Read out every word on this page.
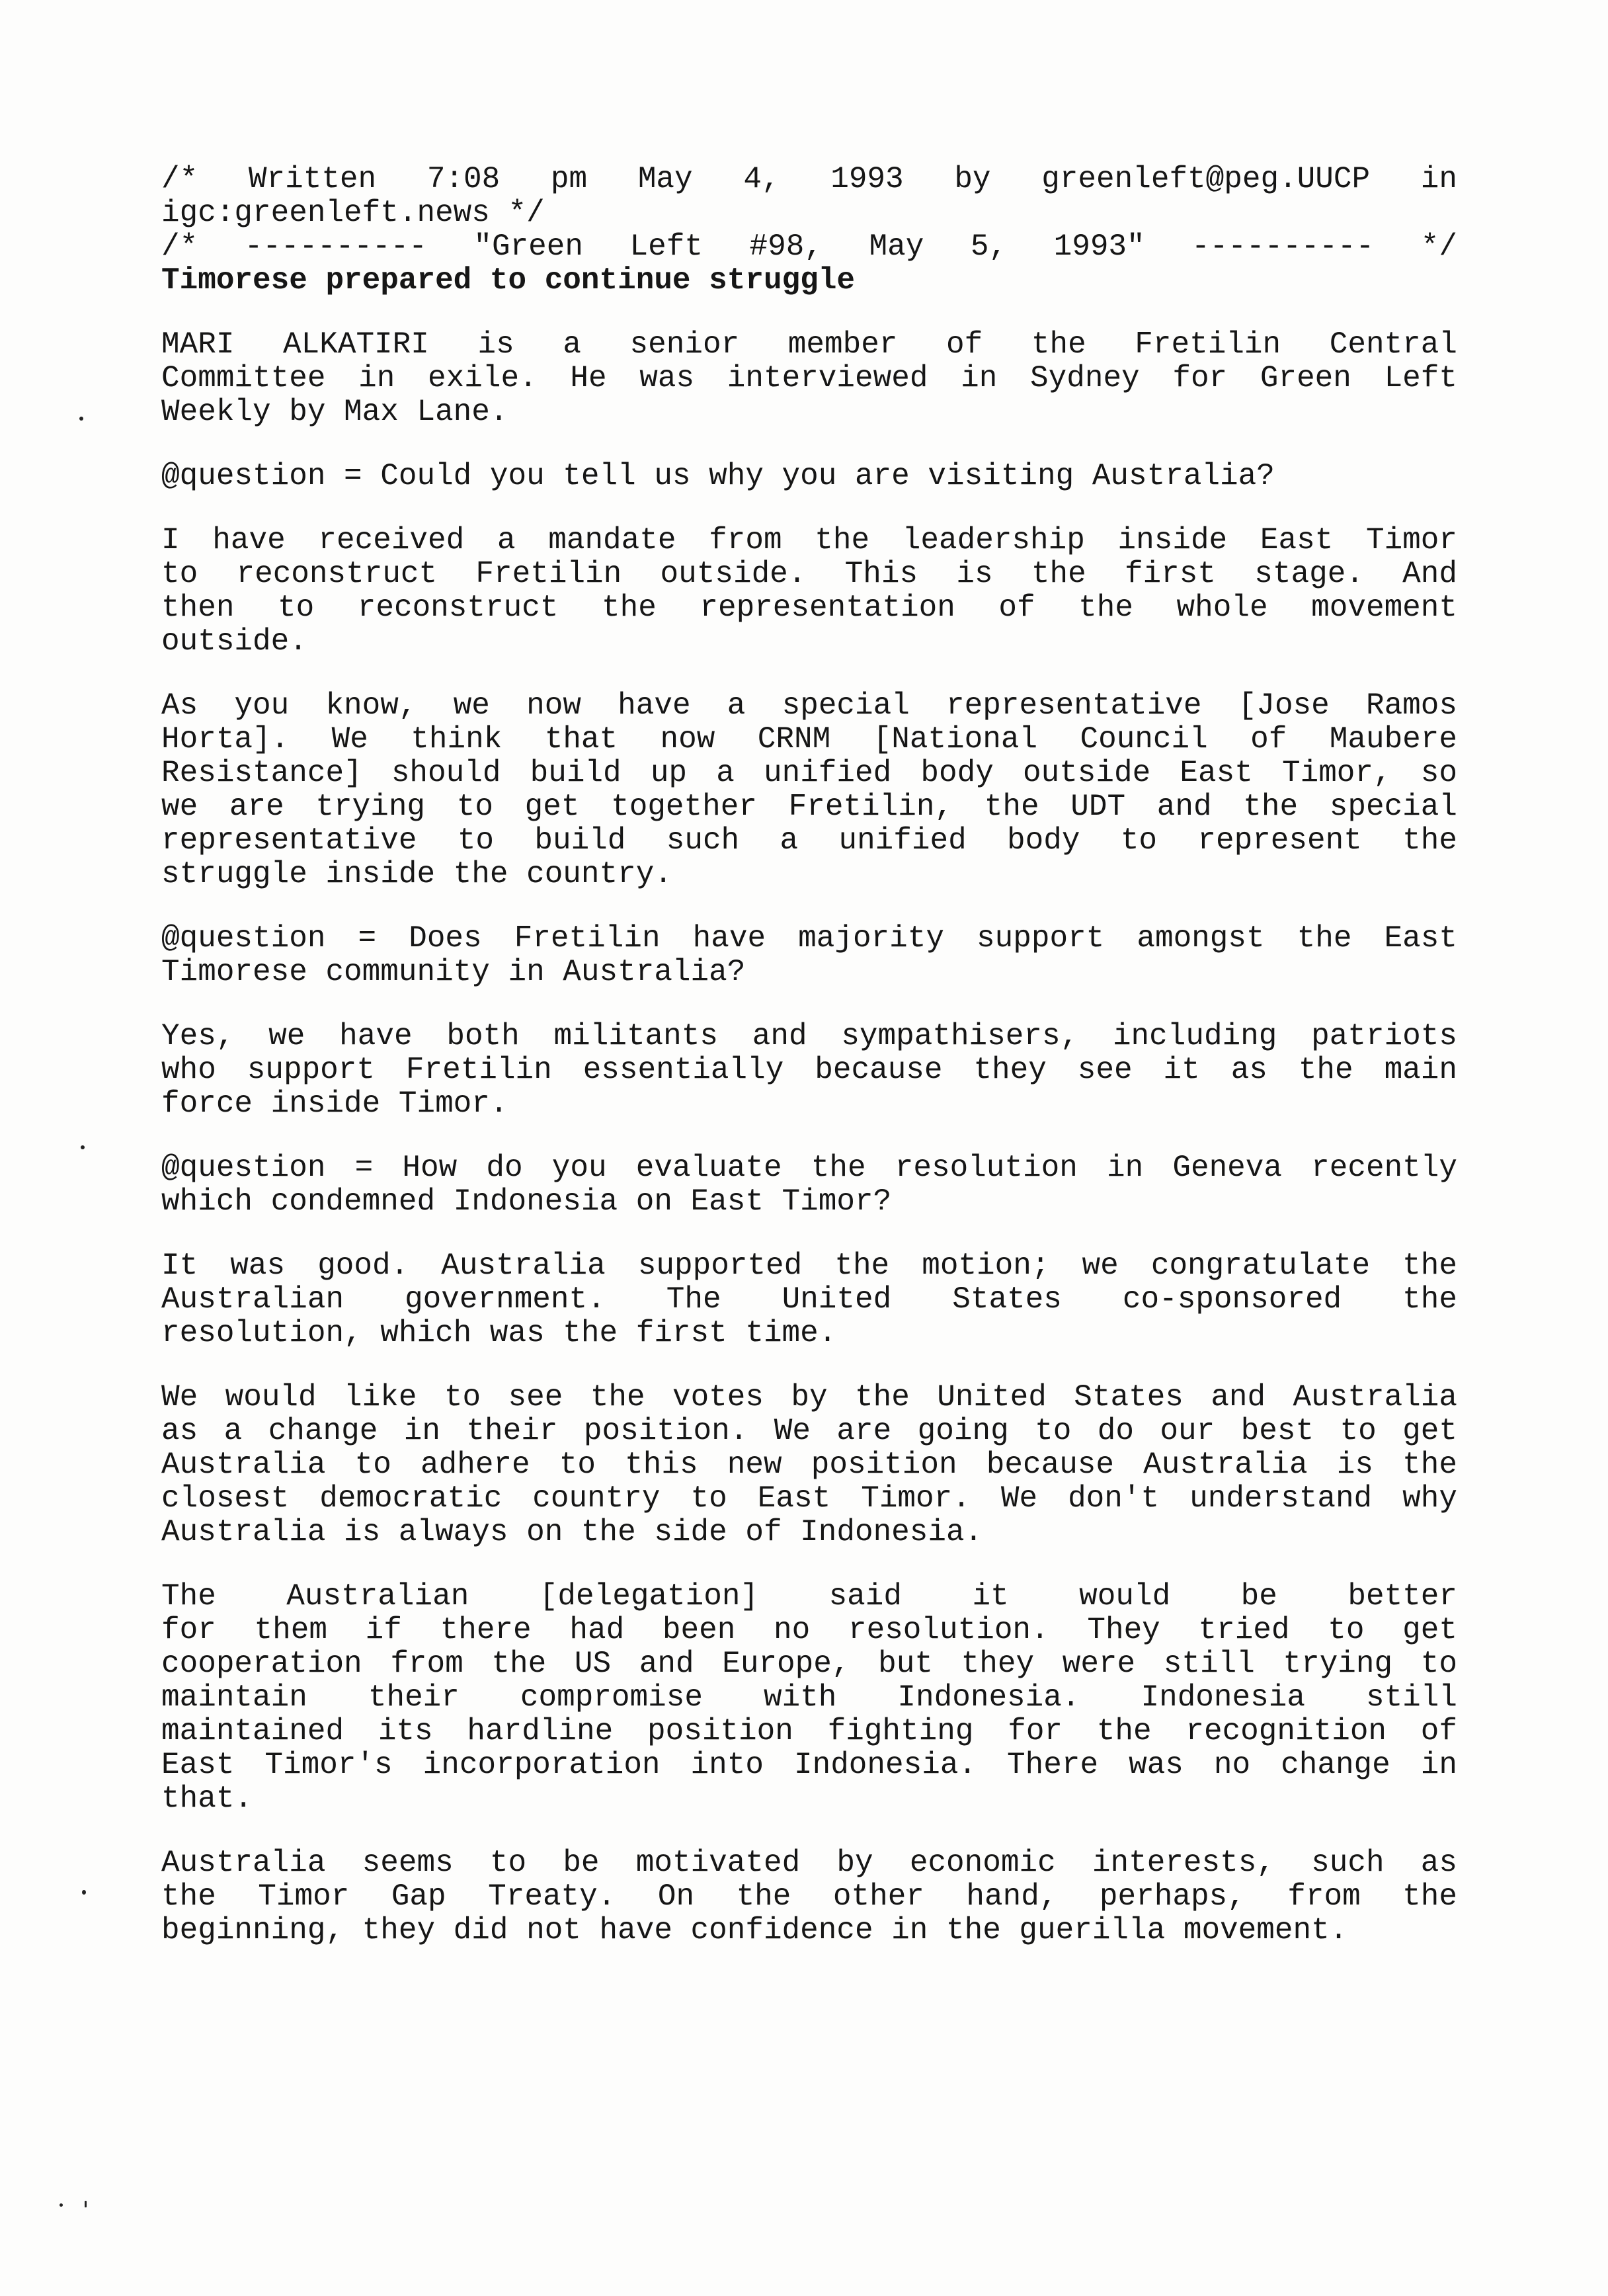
/* Written 7:08 pm May 4, 1993 by greenleft@peg.UUCP in
igc:greenleft.news */
/* ---------- "Green Left #98, May 5, 1993" ---------- */
Timorese prepared to continue struggle
MARI ALKATIRI is a senior member of the Fretilin Central
Committee in exile. He was interviewed in Sydney for Green Left
Weekly by Max Lane.
@question = Could you tell us why you are visiting Australia?
I have received a mandate from the leadership inside East Timor
to reconstruct Fretilin outside. This is the first stage. And
then to reconstruct the representation of the whole movement
outside.
As you know, we now have a special representative [Jose Ramos
Horta]. We think that now CRNM [National Council of Maubere
Resistance] should build up a unified body outside East Timor, so
we are trying to get together Fretilin, the UDT and the special
representative to build such a unified body to represent the
struggle inside the country.
@question = Does Fretilin have majority support amongst the East
Timorese community in Australia?
Yes, we have both militants and sympathisers, including patriots
who support Fretilin essentially because they see it as the main
force inside Timor.
@question = How do you evaluate the resolution in Geneva recently
which condemned Indonesia on East Timor?
It was good. Australia supported the motion; we congratulate the
Australian government. The United States co-sponsored the
resolution, which was the first time.
We would like to see the votes by the United States and Australia
as a change in their position. We are going to do our best to get
Australia to adhere to this new position because Australia is the
closest democratic country to East Timor. We don't understand why
Australia is always on the side of Indonesia.
The Australian [delegation] said it would be better
for them if there had been no resolution. They tried to get
cooperation from the US and Europe, but they were still trying to
maintain their compromise with Indonesia. Indonesia still
maintained its hardline position fighting for the recognition of
East Timor's incorporation into Indonesia. There was no change in
that.
Australia seems to be motivated by economic interests, such as
the Timor Gap Treaty. On the other hand, perhaps, from the
beginning, they did not have confidence in the guerilla movement.
